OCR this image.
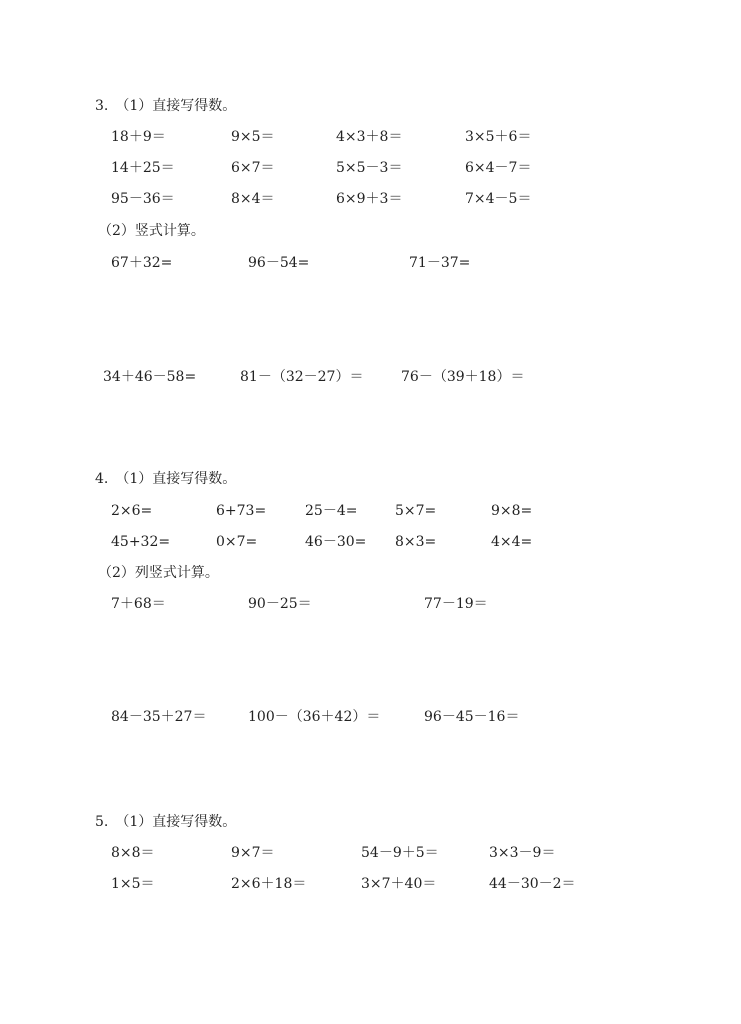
3.　（1）直接写得数。
18＋9＝	9×5＝	4×3＋8＝	3×5＋6＝
14＋25＝	6×7＝	5×5－3＝	6×4－7＝
95－36＝	8×4＝	6×9＋3＝	7×4－5＝
（2）竖式计算。
67＋32=	96－54=	71－37=
34＋46－58=	81－（32－27）＝	76－（39＋18）＝
4.　（1）直接写得数。
2×6=	6+73=	25－4=	5×7=	9×8=
45+32=	0×7=	46－30= 8×3=	4×4=
（2）列竖式计算。
7＋68＝	90－25＝	77－19＝
84－35＋27＝	100－（36＋42）＝	96－45－16＝
5.　（1）直接写得数。
8×8＝	9×7＝	54－9＋5＝	3×3－9＝
1×5＝	2×6＋18＝	3×7＋40＝	44－30－2＝
